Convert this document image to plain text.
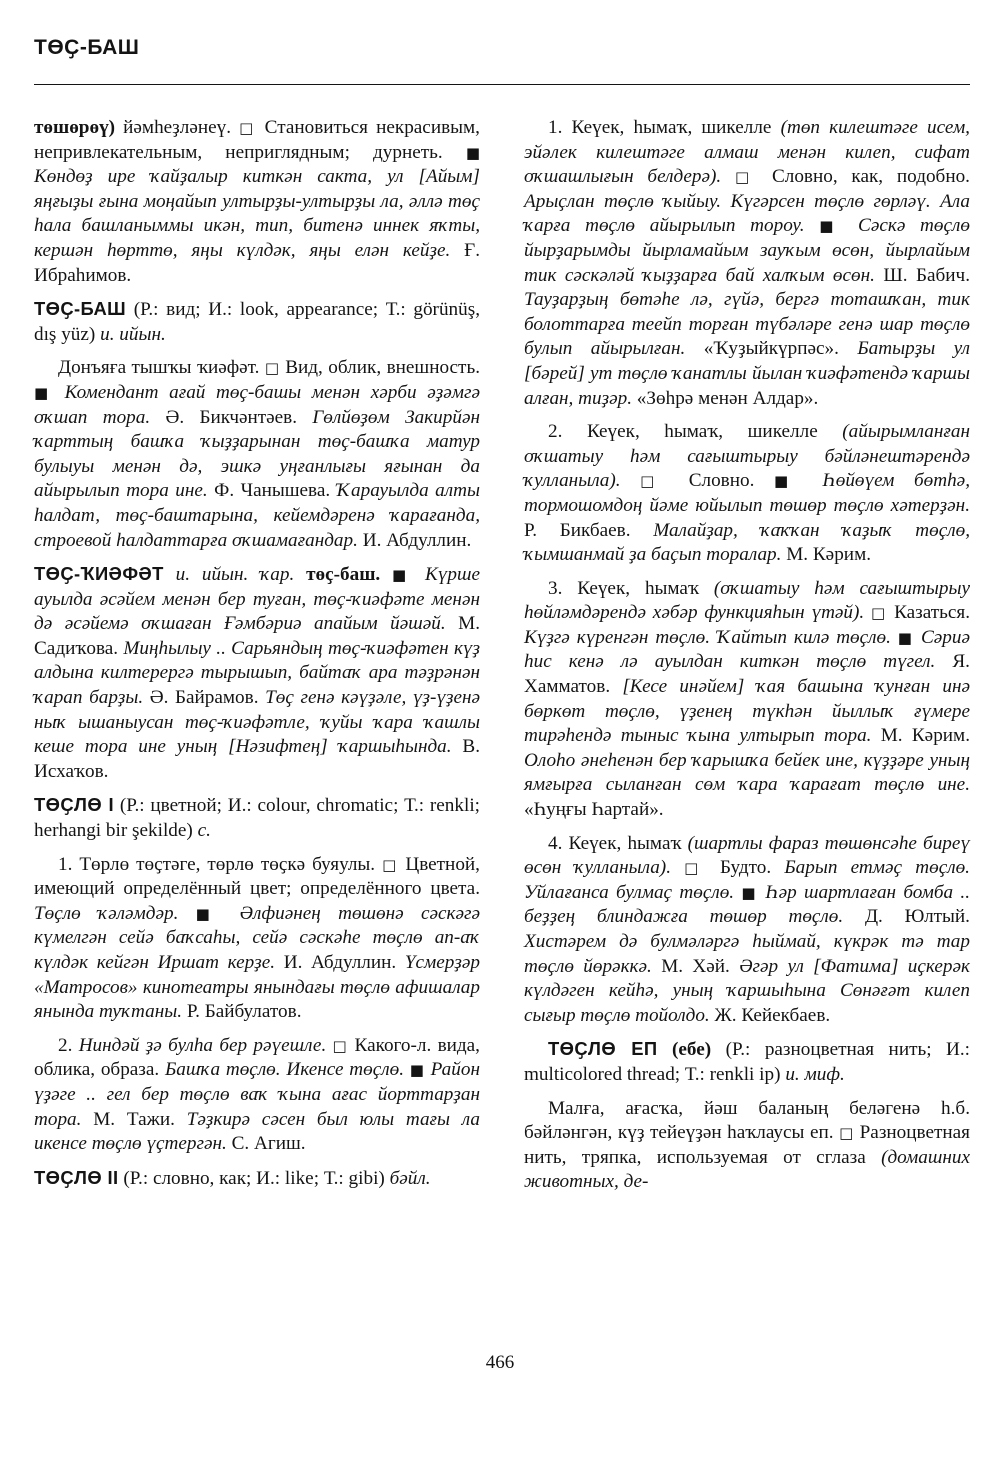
ТӨҪ-БАШ

төшөрөү) йәмһеҙләнеү. □ Становиться некрасивым, непривлекательным, неприглядным; дурнеть. ■ Көндөҙ ире ҡайҙалыр киткән сакта, ул [Айым] яңғыҙы ғына моңайып ултырҙы-ултырҙы ла, әллә төҫ һала башланыммы икән, тип, битенә иннек яҡты, кершән һөрттө, яңы күлдәк, яңы елән кейҙе. Ғ. Ибраһимов.

ТӨҪ-БАШ (Р.: вид; И.: look, appearance; Т.: görünüş, dış yüz) и. ийын.

Донъяға тышҡы ҡиәфәт. □ Вид, облик, внешность. ■ Комендант ағай төҫ-башы менән хәрби әҙәмгә оҡшап тора. Ә. Бикчәнтәев. Гөлйөҙөм Закирйән ҡарттың башҡа ҡыҙҙарынан төҫ-башҡа матур булыуы менән дә, эшкә уңғанлығы яғынан да айырылып тора ине. Ф. Чанышева. Ҡарауылда алты һалдат, төҫ-баштарына, кейемдәренә ҡарағанда, строевой һалдаттарға оҡшамағандар. И. Абдуллин.

ТӨҪ-ҠИӘФӘТ и. ийын. ҡар. төҫ-баш. ■ Күрше ауылда әсәйем менән бер туған, төҫ-ҡиәфәте менән дә әсәйемә оҡшаған Ғәмбәриә апайым йәшәй. М. Садиҡова. Миңһылыу .. Сарьяндың төҫ-ҡиәфәтен күҙ алдына килтерергә тырышып, байтаҡ ара тәҙрәнән ҡарап барҙы. Ә. Байрамов. Төҫ генә кәүҙәле, үҙ-үҙенә ныҡ ышаныусан төҫ-ҡиәфәтле, ҡуйы ҡара ҡашлы кеше тора ине уның [Нәзифтең] ҡаршыһында. В. Исхаҡов.

ТӨҪЛӨ I (Р.: цветной; И.: colour, chromatic; Т.: renkli; herhangi bir şekilde) с.

1. Төрлө төҫтәге, төрлө төҫкә буяулы. □ Цветной, имеющий определённый цвет; определённого цвета. Төҫлө ҡәләмдәр. ■ Әлфиәнең төшөнә сәскәгә күмелгән сейә баҡсаһы, сейә сәскәһе төҫлө ап-аҡ күлдәк кейгән Иршат керҙе. И. Абдуллин. Үсмерҙәр «Матросов» кинотеатры янындағы төҫлө афишалар янында туҡтаны. Р. Байбулатов.

2. Ниндәй ҙә булһа бер рәүешле. □ Какого-л. вида, облика, образа. Башҡа төҫлө. Икенсе төҫлө. ■ Район үҙәге .. гел бер төҫлө ваҡ ҡына ағас йорттарҙан тора. М. Тажи. Тәҙкирә сәсен был юлы тағы ла икенсе төҫлө үҫтергән. С. Агиш.

ТӨҪЛӨ II (Р.: словно, как; И.: like; Т.: gibi) бәйл.

1. Кеүек, һымаҡ, шикелле (төп килештәге исем, эйәлек килештәге алмаш менән килеп, сифат оҡшашлығын белдерә). □ Словно, как, подобно. Арыҫлан төҫлө ҡыйыу. Күгәрсен төҫлө гөрләү. Ала ҡарға төҫлө айырылып тороу. ■ Сәскә төҫлө йырҙарымды йырламайым зауҡым өсөн, йырлайым тик сәскәләй ҡыҙҙарға бай халҡым өсөн. Ш. Бабич. Тауҙарҙың бөтәһе лә, гүйә, бергә тоташҡан, тик болоттарға теейп торған түбәләре генә шар төҫлө булып айырылған. «Ҡуҙыйкүрпәс». Батырҙы ул [бәрей] ут төҫлө ҡанатлы йылан ҡиәфәтендә ҡаршы алған, тиҙәр. «Зөһрә менән Алдар».

2. Кеүек, һымаҡ, шикелле (айырымланған оҡшатыу һәм сағыштырыу бәйләнештәрендә ҡулланыла). □ Словно. ■ Һөйөүем бөтһә, тормошомдоң йәме юйылып төшөр төҫлө хәтерҙән. Р. Бикбаев. Малайҙар, ҡаҡҡан ҡаҙыҡ төҫлө, ҡымшанмай ҙа баҫып торалар. М. Кәрим.

3. Кеүек, һымаҡ (оҡшатыу һәм сағыштырыу һөйләмдәрендә хәбәр функцияһын үтәй). □ Казаться. Күҙгә күренгән төҫлө. Ҡайтып килә төҫлө. ■ Сәриә һис кенә лә ауылдан киткән төҫлө түгел. Я. Хамматов. [Кесе инәйем] ҡая башына ҡунған инә бөркөт төҫлө, үҙенең түкһән йыллыҡ ғүмере тирәһендә тыныс ҡына ултырып тора. М. Кәрим. Олоһо әнеһенән бер ҡарышҡа бейек ине, күҙҙәре уның ямғырға сыланған сөм ҡара ҡарағат төҫлө ине. «Һуңғы Һартай».

4. Кеүек, һымаҡ (шартлы фараз төшөнсәһе биреү өсөн ҡулланыла). □ Будто. Барып етмәҫ төҫлө. Уйлағанса булмаҫ төҫлө. ■ Һәр шартлаған бомба .. беҙҙең блиндажға төшөр төҫлө. Д. Юлтый. Хистәрем дә булмәләргә һыймай, күкрәк тә тар төҫлө йөрәккә. М. Хәй. Әгәр ул [Фатима] иҫкерәк күлдәген кейһә, уның ҡаршыһына Сөнәғәт килеп сығыр төҫлө тойолдо. Ж. Кейекбаев.

ТӨҪЛӨ ЕП (ебе) (Р.: разноцветная нить; И.: multicolored thread; Т.: renkli ip) и. миф.

Малға, ағасҡа, йәш баланың беләгенә һ.б. бәйләнгән, күҙ тейеүҙән һаҡлаусы еп. □ Разноцветная нить, тряпка, используемая от сглаза (домашних животных, де-

466
